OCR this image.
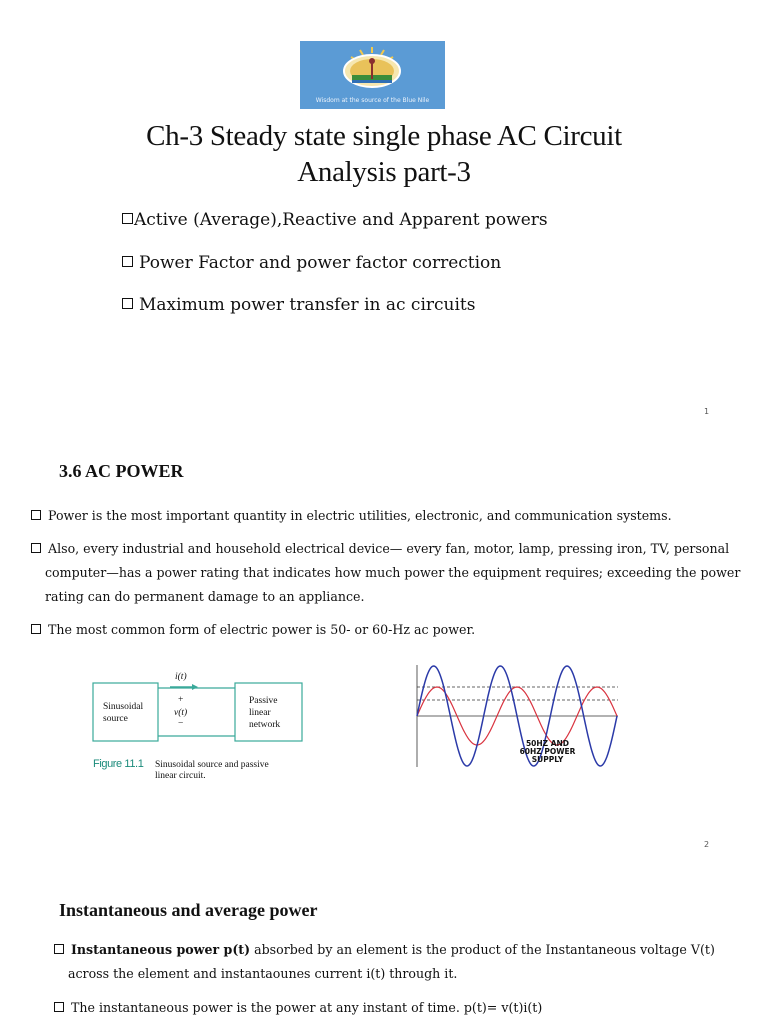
Wisdom at the source of the Blue Nile
Ch-3 Steady state single phase AC Circuit
Analysis part-3
Active (Average),Reactive and Apparent powers
Power Factor and power factor correction
Maximum power transfer in ac circuits
1
3.6 AC POWER
Power is the most important quantity in electric utilities, electronic, and communication systems.
Also, every industrial and household electrical device— every fan, motor, lamp, pressing iron, TV, personal
computer—has a power rating that indicates how much power the equipment requires; exceeding the power
rating can do permanent damage to an appliance.
The most common form of electric power is 50- or 60-Hz ac power.
i(t)
+
v(t)
−
Sinusoidal
source
Passive
linear
network
Figure 11.1 Sinusoidal source and passive
linear circuit.
50HZ AND
60HZ POWER
SUPPLY
2
Instantaneous and average power
Instantaneous power p(t) absorbed by an element is the product of the Instantaneous voltage V(t)
across the element and instantaounes current i(t) through it.
The instantaneous power is the power at any instant of time. p(t)= v(t)i(t)
